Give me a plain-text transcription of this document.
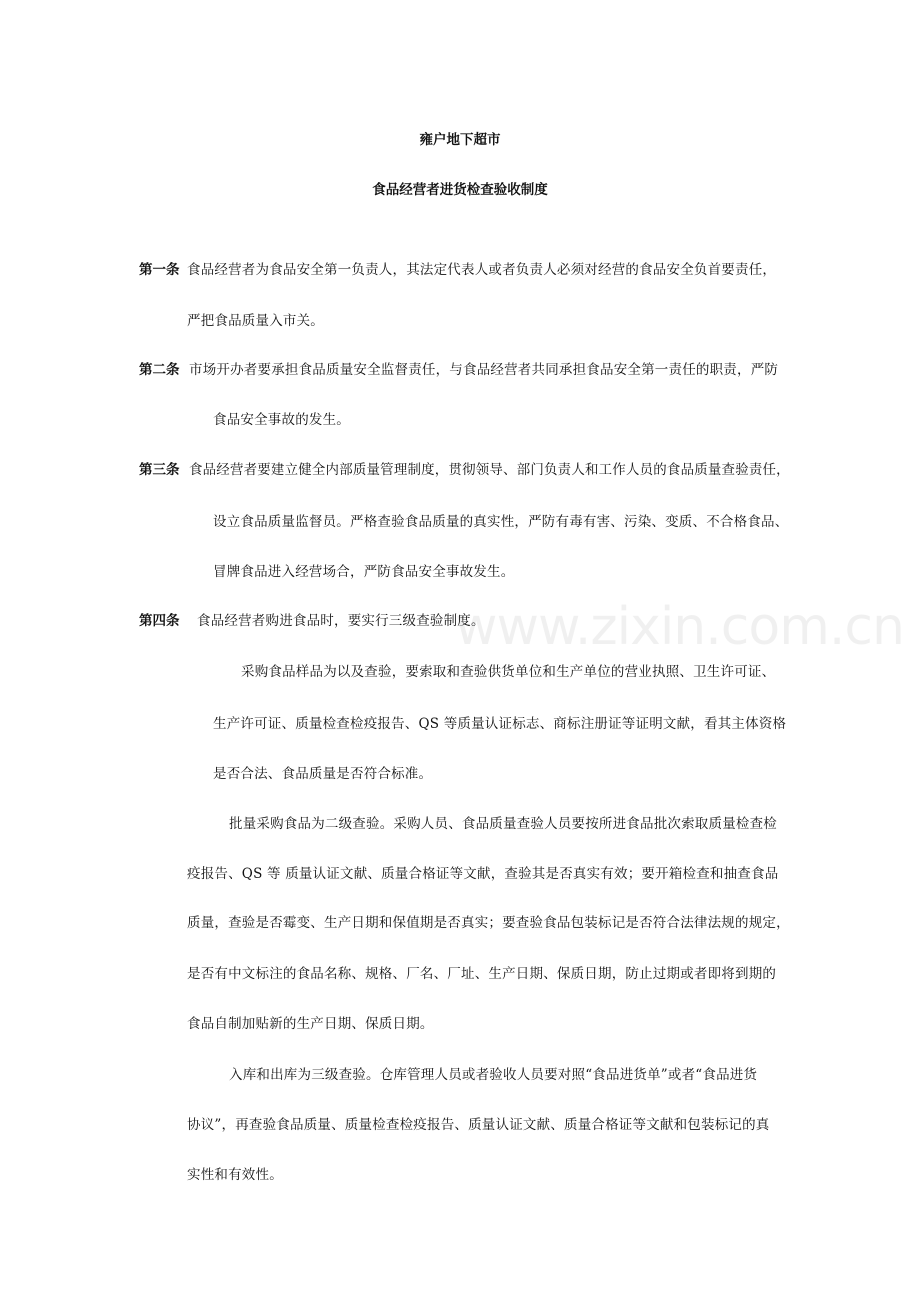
www.zixin.com.cn
雍户地下超市
食品经营者进货检查验收制度
第一条 食品经营者为食品安全第一负责人，其法定代表人或者负责人必须对经营的食品安全负首要责任，
严把食品质量入市关。
第二条 市场开办者要承担食品质量安全监督责任，与食品经营者共同承担食品安全第一责任的职责，严防
食品安全事故的发生。
第三条 食品经营者要建立健全内部质量管理制度，贯彻领导、部门负责人和工作人员的食品质量查验责任，
设立食品质量监督员。严格查验食品质量的真实性，严防有毒有害、污染、变质、不合格食品、
冒牌食品进入经营场合，严防食品安全事故发生。
第四条 食品经营者购进食品时，要实行三级查验制度。
采购食品样品为以及查验，要索取和查验供货单位和生产单位的营业执照、卫生许可证、
生产许可证、质量检查检疫报告、QS 等质量认证标志、商标注册证等证明文献，看其主体资格
是否合法、食品质量是否符合标准。
批量采购食品为二级查验。采购人员、食品质量查验人员要按所进食品批次索取质量检查检
疫报告、QS 等 质量认证文献、质量合格证等文献，查验其是否真实有效；要开箱检查和抽查食品
质量，查验是否霉变、生产日期和保值期是否真实；要查验食品包装标记是否符合法律法规的规定，
是否有中文标注的食品名称、规格、厂名、厂址、生产日期、保质日期，防止过期或者即将到期的
食品自制加贴新的生产日期、保质日期。
入库和出库为三级查验。仓库管理人员或者验收人员要对照“食品进货单”或者“食品进货
协议”，再查验食品质量、质量检查检疫报告、质量认证文献、质量合格证等文献和包装标记的真
实性和有效性。
